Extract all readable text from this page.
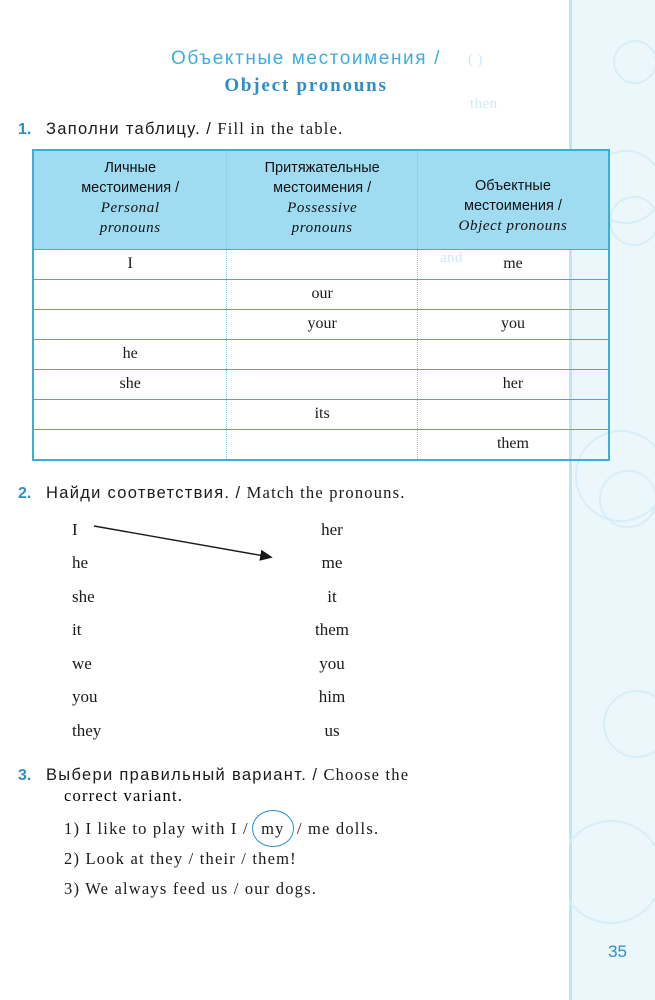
( )
then
and
Объектные местоимения /
Object pronouns
1. Заполни таблицу. / Fill in the table.
Личные
местоимения /
Personal
pronouns

Притяжательные
местоимения /
Possessive
pronouns

Объектные
местоимения /
Object pronouns

I		me
	our	
	your	you
he		
she		her
	its	
		them
2. Найди соответствия. / Match the pronouns.
I
he
she
it
we
you
they
her
me
it
them
you
him
us
3. Выбери правильный вариант. / Choose the
correct variant.
1) I like to play with I / my / me dolls.
2) Look at they / their / them!
3) We always feed us / our dogs.
35
